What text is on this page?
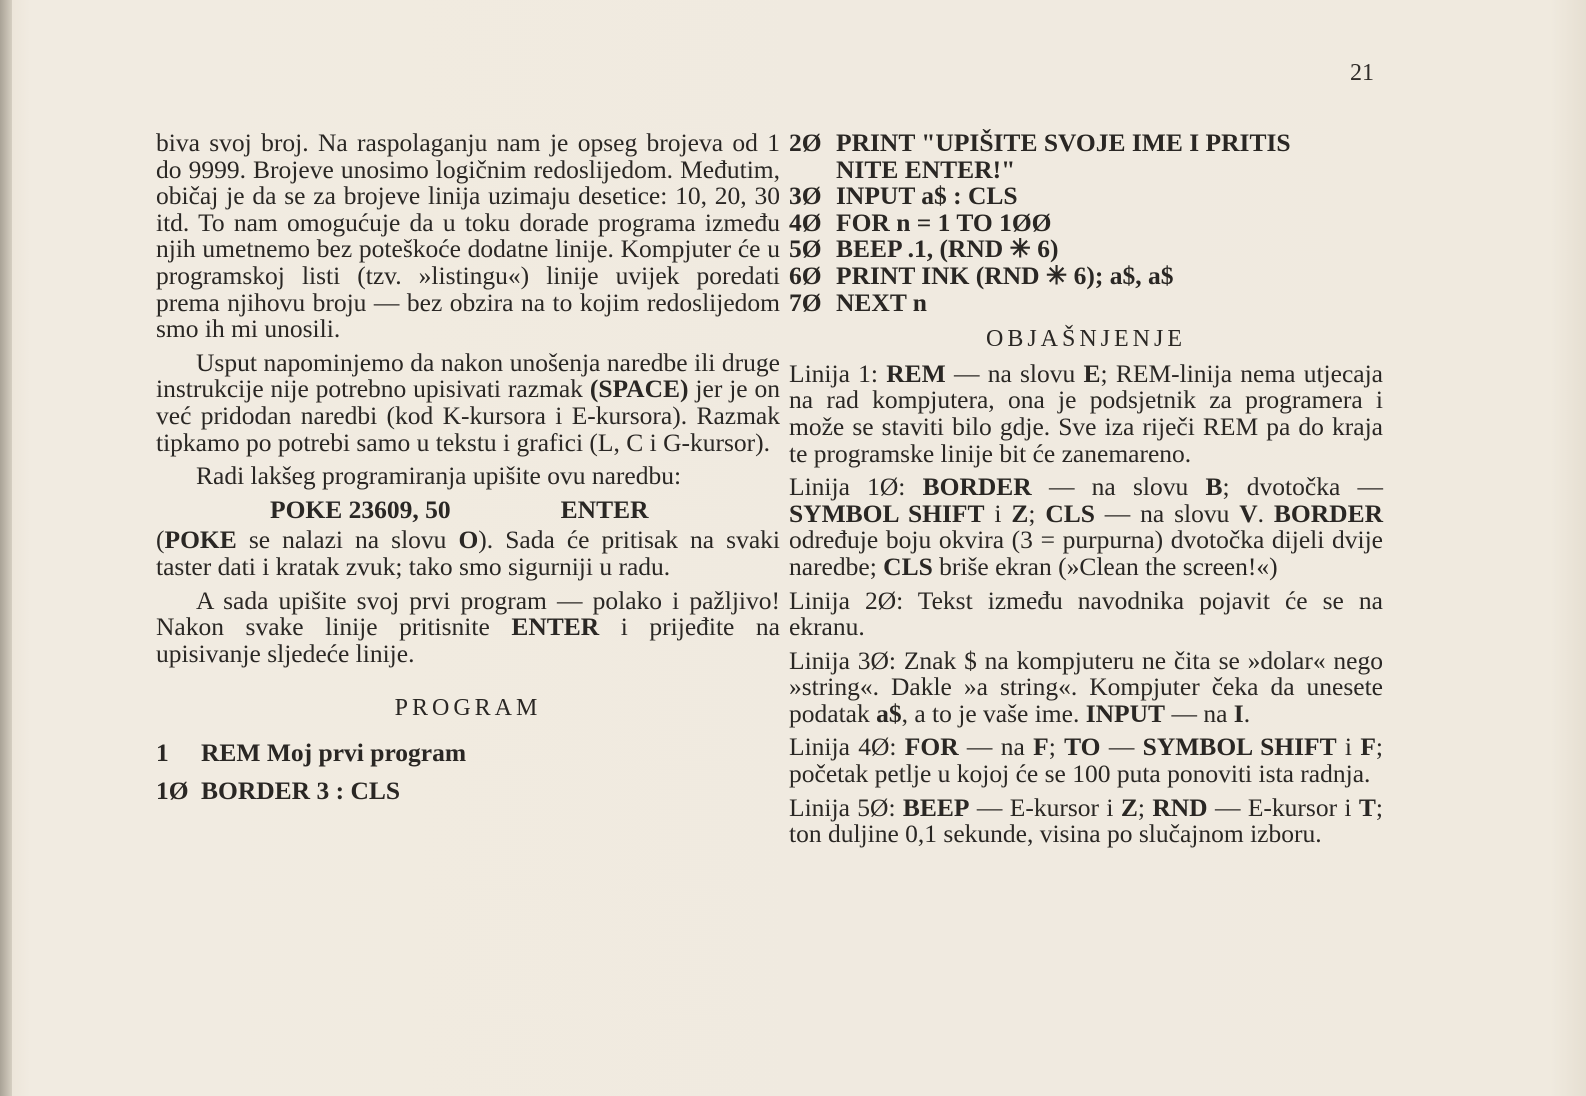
21

biva svoj broj. Na raspolaganju nam je opseg brojeva od 1 do 9999. Brojeve unosimo logičnim redoslijedom. Međutim, običaj je da se za brojeve linija uzimaju desetice: 10, 20, 30 itd. To nam omogućuje da u toku dorade programa između njih umetnemo bez poteškoće dodatne linije. Kompjuter će u programskoj listi (tzv. »listingu«) linije uvijek poredati prema njihovu broju — bez obzira na to kojim redoslijedom smo ih mi unosili.

Usput napominjemo da nakon unošenja naredbe ili druge instrukcije nije potrebno upisivati razmak (SPACE) jer je on već pridodan naredbi (kod K-kursora i E-kursora). Razmak tipkamo po potrebi samo u tekstu i grafici (L, C i G-kursor).

Radi lakšeg programiranja upišite ovu naredbu:

POKE 23609, 50	ENTER

(POKE se nalazi na slovu O). Sada će pritisak na svaki taster dati i kratak zvuk; tako smo sigurniji u radu.

A sada upišite svoj prvi program — polako i pažljivo! Nakon svake linije pritisnite ENTER i prijeđite na upisivanje sljedeće linije.

PROGRAM
1	REM Moj prvi program
1Ø BORDER 3 : CLS
2Ø PRINT "UPIŠITE SVOJE IME I PRITIS
NITE ENTER!"
3Ø INPUT a$ : CLS
4Ø FOR n = 1 TO 1ØØ
5Ø BEEP .1, (RND ✳ 6)
6Ø PRINT INK (RND ✳ 6); a$, a$
7Ø NEXT n
OBJAŠNJENJE

Linija 1: REM — na slovu E; REM-linija nema utjecaja na rad kompjutera, ona je podsjetnik za programera i može se staviti bilo gdje. Sve iza riječi REM pa do kraja te programske linije bit će zanemareno.

Linija 1Ø: BORDER — na slovu B; dvotočka — SYMBOL SHIFT i Z; CLS — na slovu V. BORDER određuje boju okvira (3 = purpurna) dvotočka dijeli dvije naredbe; CLS briše ekran (»Clean the screen!«)

Linija 2Ø: Tekst između navodnika pojavit će se na ekranu.

Linija 3Ø: Znak $ na kompjuteru ne čita se »dolar« nego »string«. Dakle »a string«. Kompjuter čeka da unesete podatak a$, a to je vaše ime. INPUT — na I.

Linija 4Ø: FOR — na F; TO — SYMBOL SHIFT i F; početak petlje u kojoj će se 100 puta ponoviti ista radnja.

Linija 5Ø: BEEP — E-kursor i Z; RND — E-kursor i T; ton duljine 0,1 sekunde, visina po slučajnom izboru.
